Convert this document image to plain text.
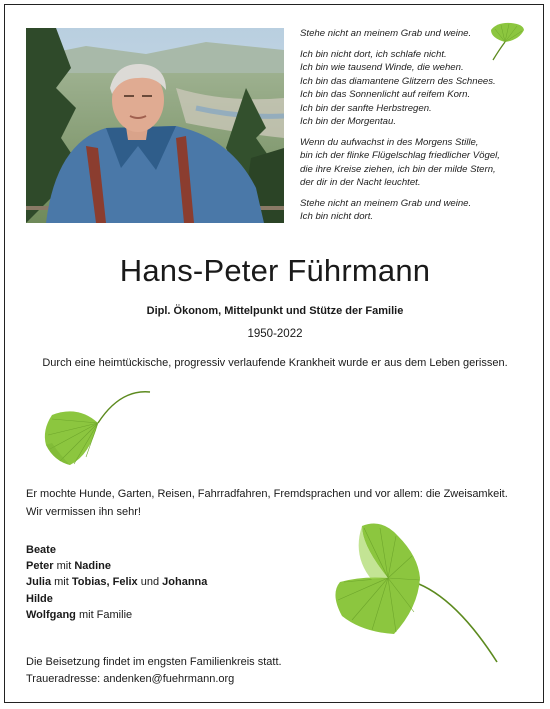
Stehe nicht an meinem Grab und weine.
Ich bin nicht dort, ich schlafe nicht.
Ich bin wie tausend Winde, die wehen.
Ich bin das diamantene Glitzern des Schnees.
Ich bin das Sonnenlicht auf reifem Korn.
Ich bin der sanfte Herbstregen.
Ich bin der Morgentau.
Wenn du aufwachst in des Morgens Stille,
bin ich der flinke Flügelschlag friedlicher Vögel,
die ihre Kreise ziehen, ich bin der milde Stern,
der dir in der Nacht leuchtet.
Stehe nicht an meinem Grab und weine.
Ich bin nicht dort.
Hans-Peter Führmann
Dipl. Ökonom, Mittelpunkt und Stütze der Familie
1950-2022
Durch eine heimtückische, progressiv verlaufende Krankheit wurde er aus dem Leben gerissen.
Er mochte Hunde, Garten, Reisen, Fahrradfahren, Fremdsprachen und vor allem: die Zweisamkeit.
Wir vermissen ihn sehr!
Beate
Peter mit Nadine
Julia mit Tobias, Felix und Johanna
Hilde
Wolfgang mit Familie
Die Beisetzung findet im engsten Familienkreis statt.
Traueradresse: andenken@fuehrmann.org
